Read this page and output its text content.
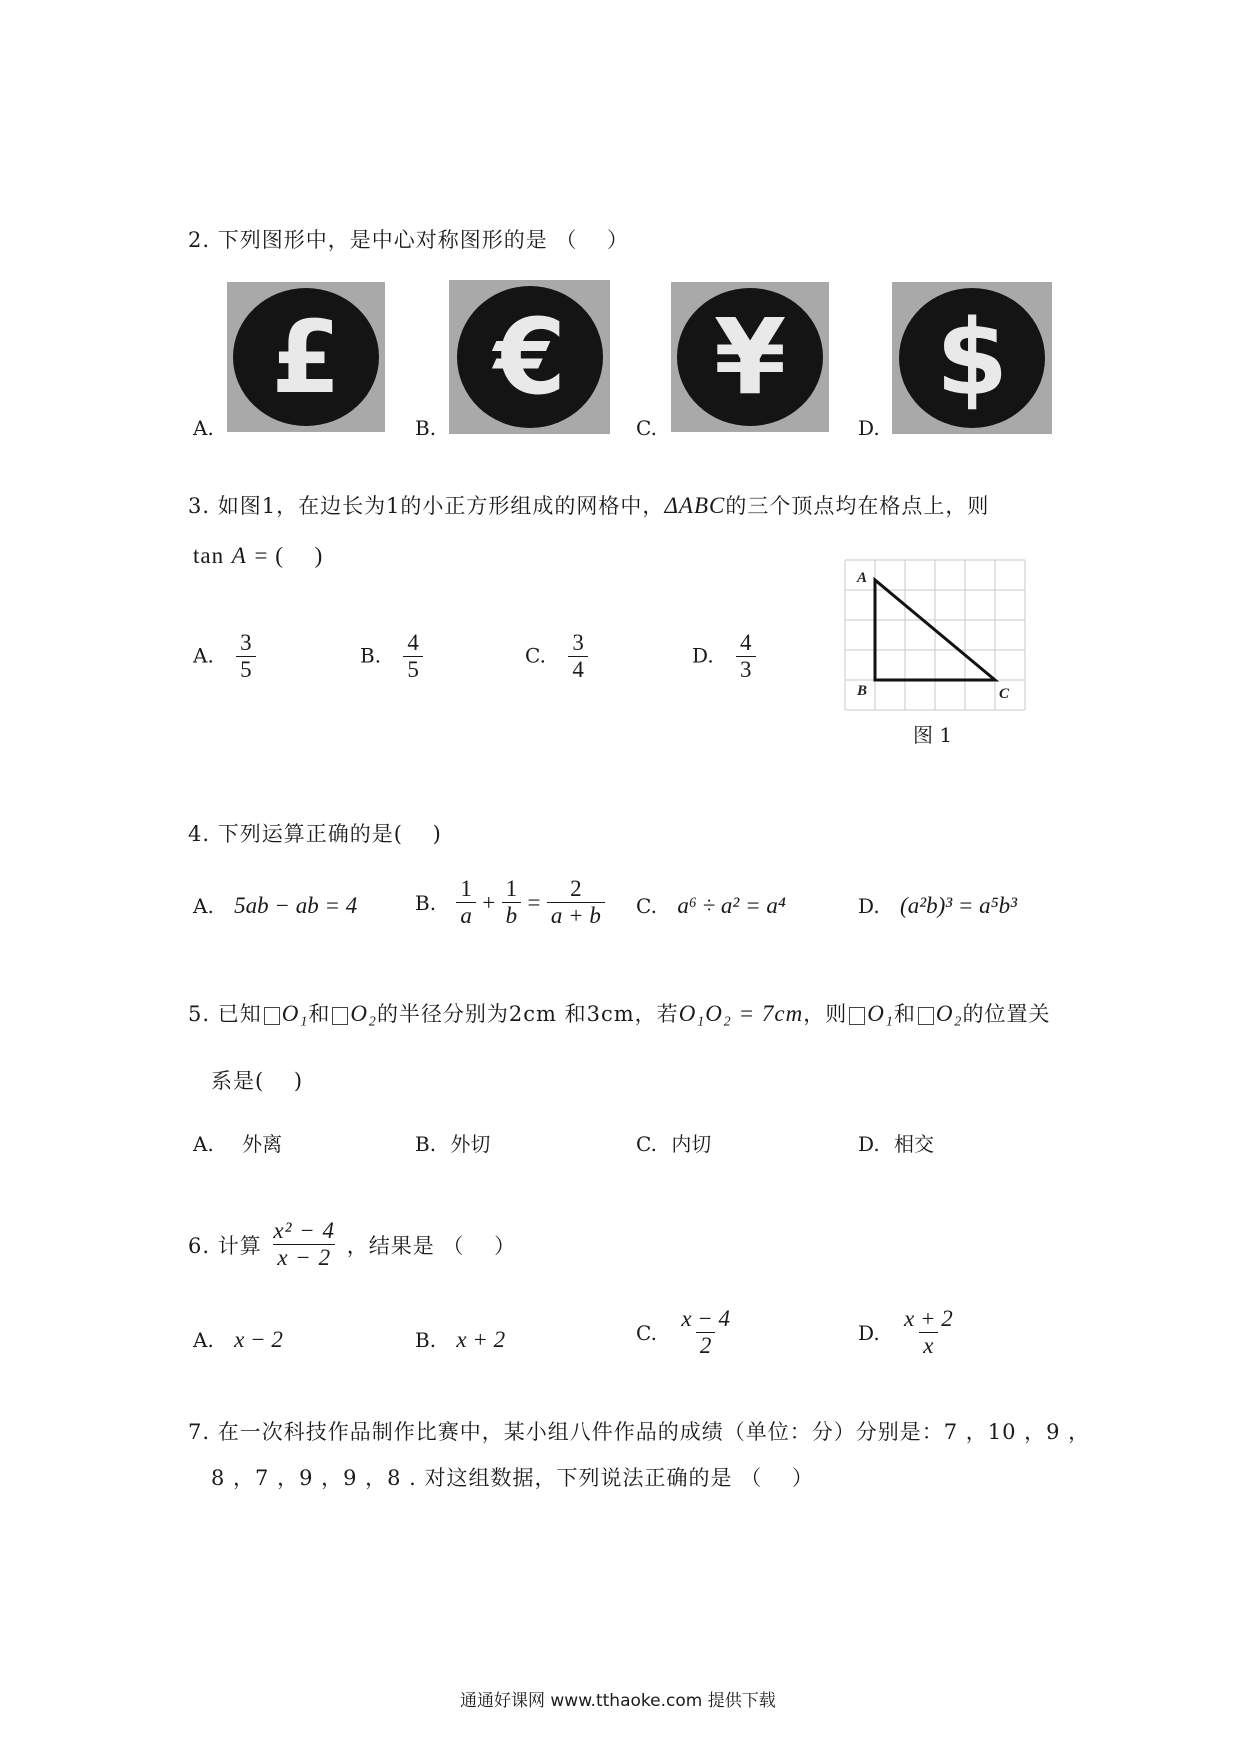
2. 下列图形中，是中心对称图形的是 （　 ）
A.
£
B.
€
C.
¥
D.
$
3. 如图1，在边长为1的小正方形组成的网格中，ΔABC的三个顶点均在格点上，则
tan A = (　 )
A. $\frac{3}{5}$	B. $\frac{4}{5}$	C. $\frac{3}{4}$	D. $\frac{4}{3}$
A
B	C
图 1
4. 下列运算正确的是(　 )
A. 5ab − ab = 4	B. $\frac{1}{a} + \frac{1}{b} = \frac{2}{a + b} C$. a⁶ ÷ a² = a⁴	D. (a²b)³ = a⁵b³
5. 已知 O₁和 O₂的半径分别为2cm 和3cm，若O₁O₂ = 7cm，则 O₁和 O₂的位置关
系是(　 )
A. 外离	B. 外切	C. 内切	D. 相交
6. 计算 $\frac{\text{x² − 4}}{x - 2}$ ，结果是 （　 ）
A. x − 2	B. x + 2	C. $\frac{x - 4}{2}$	D. $\frac{x + 2}{x}$
7. 在一次科技作品制作比赛中，某小组八件作品的成绩（单位：分）分别是：7 ，10 ，9 ，
8 ，7 ，9 ，9 ，8 . 对这组数据，下列说法正确的是 （　 ）
通通好课网 www.tthaoke.com 提供下载
